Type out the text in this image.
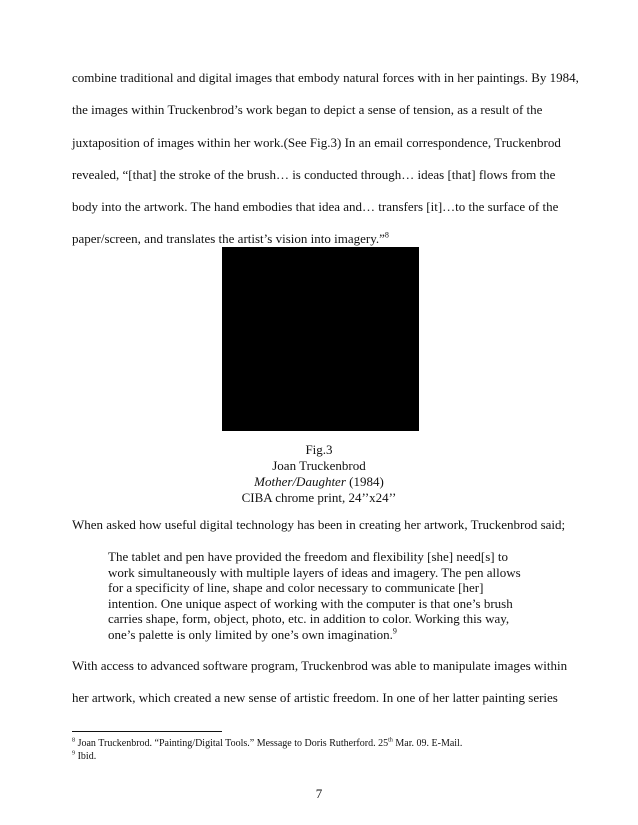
combine traditional and digital images that embody natural forces with in her paintings. By 1984,
the images within Truckenbrod’s work began to depict a sense of tension, as a result of the
juxtaposition of images within her work.(See Fig.3) In an email correspondence, Truckenbrod
revealed, “[that] the stroke of the brush… is conducted through… ideas [that] flows from the
body into the artwork. The hand embodies that idea and… transfers [it]…to the surface of the
paper/screen, and translates the artist’s vision into imagery.”$^8$
Fig.3
Joan Truckenbrod
Mother/Daughter (1984)
CIBA chrome print, 24’’x24’’
When asked how useful digital technology has been in creating her artwork, Truckenbrod said;
The tablet and pen have provided the freedom and flexibility [she] need[s] to
work simultaneously with multiple layers of ideas and imagery. The pen allows
for a specificity of line, shape and color necessary to communicate [her]
intention. One unique aspect of working with the computer is that one’s brush
carries shape, form, object, photo, etc. in addition to color. Working this way,
one’s palette is only limited by one’s own imagination.$^9$
With access to advanced software program, Truckenbrod was able to manipulate images within
her artwork, which created a new sense of artistic freedom. In one of her latter painting series
$^8$ Joan Truckenbrod. “Painting/Digital Tools.” Message to Doris Rutherford. 25th Mar. 09. E-Mail.
$^9$ Ibid.
7
